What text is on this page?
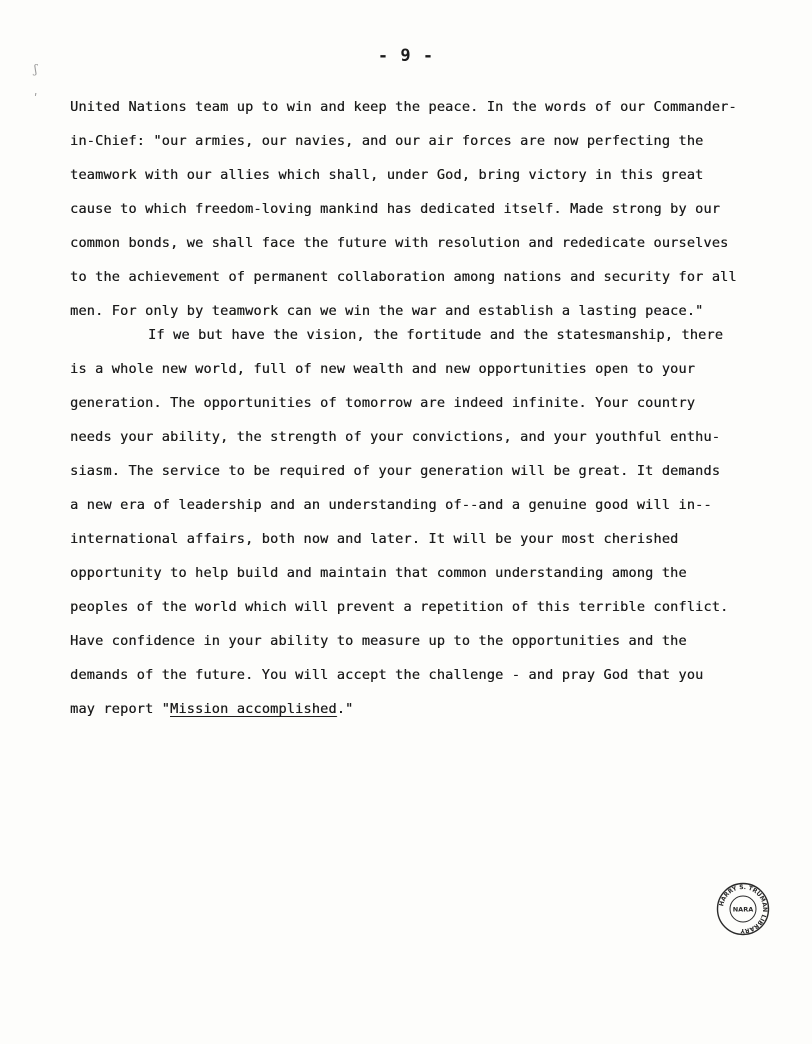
ʃ
ʹ
- 9 -
United Nations team up to win and keep the peace. In the words of our Commander-
in-Chief: "our armies, our navies, and our air forces are now perfecting the
teamwork with our allies which shall, under God, bring victory in this great
cause to which freedom-loving mankind has dedicated itself. Made strong by our
common bonds, we shall face the future with resolution and rededicate ourselves
to the achievement of permanent collaboration among nations and security for all
men. For only by teamwork can we win the war and establish a lasting peace."
If we but have the vision, the fortitude and the statesmanship, there
is a whole new world, full of new wealth and new opportunities open to your
generation. The opportunities of tomorrow are indeed infinite. Your country
needs your ability, the strength of your convictions, and your youthful enthu-
siasm. The service to be required of your generation will be great. It demands
a new era of leadership and an understanding of--and a genuine good will in--
international affairs, both now and later. It will be your most cherished
opportunity to help build and maintain that common understanding among the
peoples of the world which will prevent a repetition of this terrible conflict.
Have confidence in your ability to measure up to the opportunities and the
demands of the future. You will accept the challenge - and pray God that you
may report "Mission accomplished."
HARRY S. TRUMAN LIBRARY
NARA
